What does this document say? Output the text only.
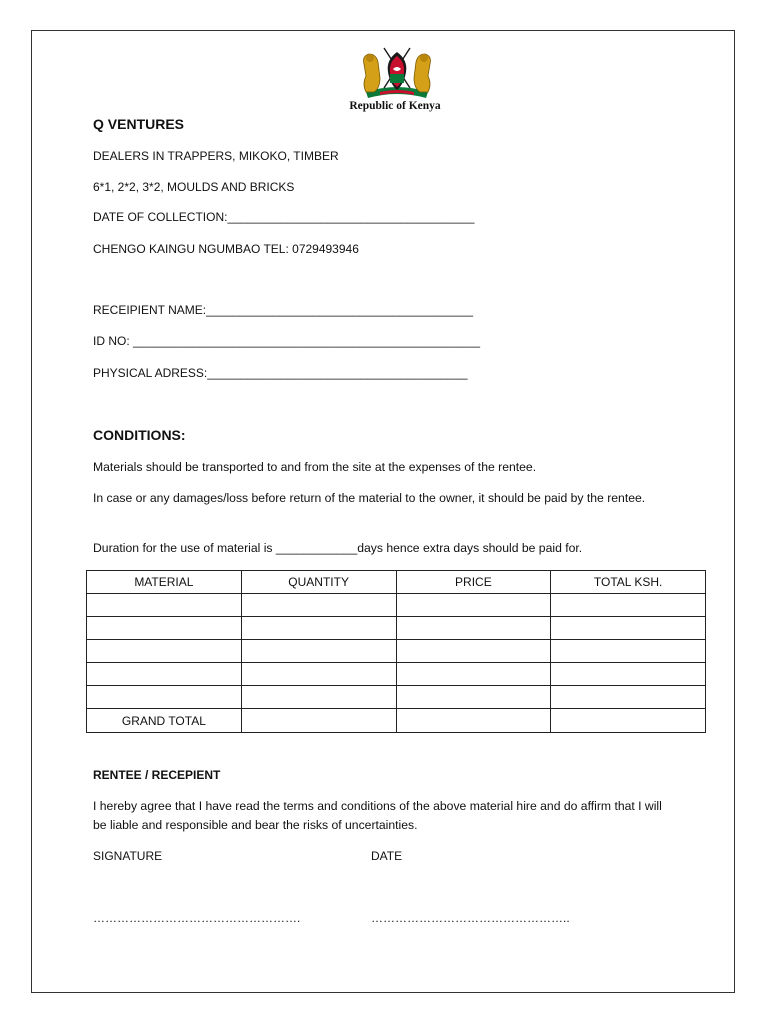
Republic of Kenya
Q VENTURES
DEALERS IN TRAPPERS, MIKOKO, TIMBER
6*1, 2*2, 3*2, MOULDS AND BRICKS
DATE OF COLLECTION:_____________________________________
CHENGO KAINGU NGUMBAO TEL: 0729493946
RECEIPIENT NAME:________________________________________
ID NO: ____________________________________________________
PHYSICAL ADRESS:_______________________________________
CONDITIONS:
Materials should be transported to and from the site at the expenses of the rentee.
In case or any damages/loss before return of the material to the owner, it should be paid by the rentee.
Duration for the use of material is ____________days hence extra days should be paid for.
MATERIAL	QUANTITY	PRICE	TOTAL KSH.

GRAND TOTAL			
RENTEE / RECEPIENT
I hereby agree that I have read the terms and conditions of the above material hire and do affirm that I will be liable and responsible and bear the risks of uncertainties.
SIGNATURE	DATE
…………………………………………….	…………………………………………..
